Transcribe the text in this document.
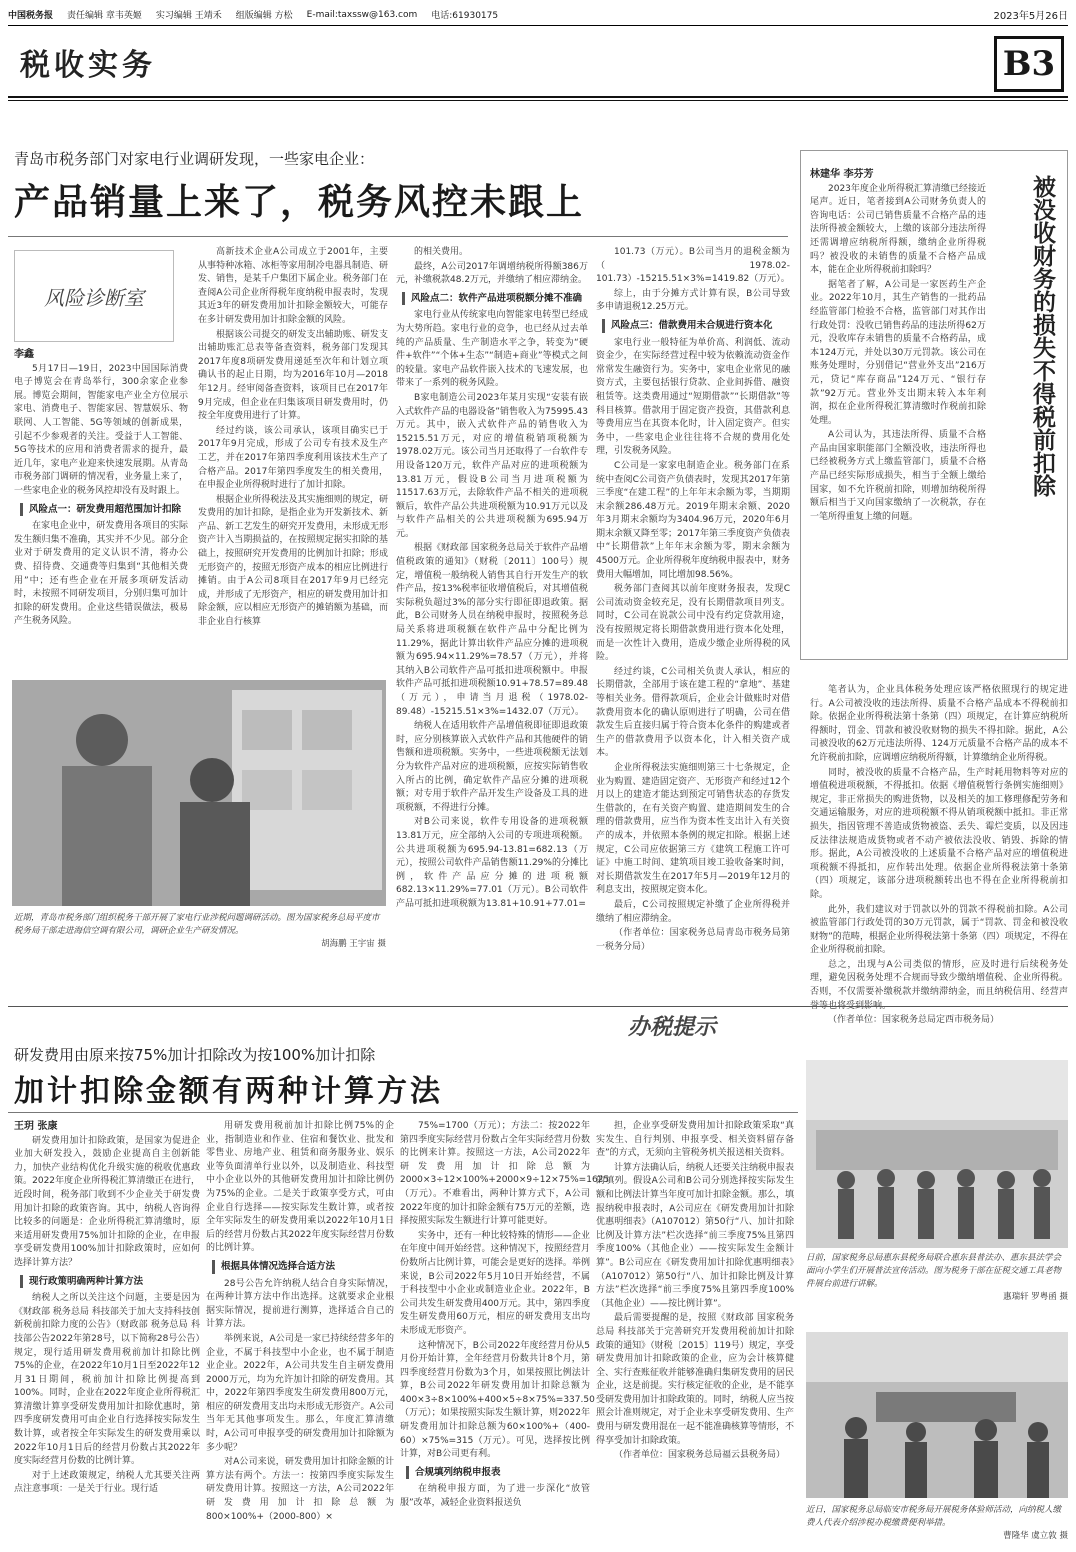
中国税务报 责任编辑 章韦英姬 实习编辑 王靖禾 组版编辑 方松 E-mail:taxssw@163.com 电话:61930175	2023年5月26日
税收实务	B3
青岛市税务部门对家电行业调研发现，一些家电企业：
产品销量上来了，税务风控未跟上
风险诊断室

李鑫

5月17日—19日，2023中国国际消费电子博览会在青岛举行，300余家企业参展。博览会期间，智能家电产业全方位展示家电、消费电子、智能家居、智慧娱乐、物联网、人工智能、5G等领域的创新成果，引起不少参观者的关注。受益于人工智能、5G等技术的应用和消费者需求的提升，最近几年，家电产业迎来快速发展期。从青岛市税务部门调研的情况看，业务量上来了，一些家电企业的税务风控却没有及时跟上。

风险点一：研发费用超范围加计扣除

在家电企业中，研发费用各项目的实际发生额归集不准确，其实并不少见。部分企业对于研发费用的定义认识不清，将办公费、招待费、交通费等归集到“其他相关费用”中；还有些企业在开展多项研发活动时，未按照不同研发项目，分别归集可加计扣除的研发费用。企业这些错误做法，极易产生税务风险。

高新技术企业A公司成立于2001年，主要从事特种冰箱、冰柜等家用制冷电器具制造、研发、销售，是某千户集团下属企业。税务部门在查阅A公司企业所得税年度纳税申报表时，发现其近3年的研发费用加计扣除金额较大，可能存在多计研发费用加计扣除金额的风险。

根据该公司提交的研发支出辅助账、研发支出辅助账汇总表等备查资料，税务部门发现其2017年度8项研发费用递延至次年和计划立项确认书的起止日期，均为2016年10月—2018年12月。经审阅备查资料，该项目已在2017年9月完成，但企业在归集该项目研发费用时，仍按全年度费用进行了计算。

经过约谈，该公司承认，该项目确实已于2017年9月完成，形成了公司专有技术及生产工艺，并在2017年第四季度利用该技术生产了合格产品。2017年第四季度发生的相关费用，在申报企业所得税时进行了加计扣除。

根据企业所得税法及其实施细则的规定，研发费用的加计扣除，是指企业为开发新技术、新产品、新工艺发生的研究开发费用，未形成无形资产计入当期损益的，在按照规定据实扣除的基础上，按照研究开发费用的比例加计扣除；形成无形资产的，按照无形资产成本的相应比例进行摊销。由于A公司8项目在2017年9月已经完成，并形成了无形资产，相应的研发费用加计扣除金额，应以相应无形资产的摊销额为基础，而非企业自行核算

的相关费用。

最终，A公司2017年调增纳税所得额386万元，补缴税款48.2万元，并缴纳了相应滞纳金。

风险点二：软件产品进项税额分摊不准确

家电行业从传统家电向智能家电转型已经成为大势所趋。家电行业的竞争，也已经从过去单纯的产品质量、生产制造水平之争，转变为“硬件+软件”“个体+生态”“制造+商业”等模式之间的较量。家电产品软件嵌入技术的飞速发展，也带来了一系列的税务风险。

B家电制造公司2023年某月实现“安装有嵌入式软件产品的电器设备”销售收入为75995.43万元。其中，嵌入式软件产品的销售收入为15215.51万元，对应的增值税销项税额为1978.02万元。该公司当月还取得了一台软件专用设备120万元，软件产品对应的进项税额为13.81万元，假设B公司当月进项税额为11517.63万元，去除软件产品不相关的进项税额后，软件产品公共进项税额为10.91万元以及与软件产品相关的公共进项税额为695.94万元。

根据《财政部 国家税务总局关于软件产品增值税政策的通知》（财税〔2011〕100号）规定，增值税一般纳税人销售其自行开发生产的软件产品，按13%税率征收增值税后，对其增值税实际税负超过3%的部分实行即征即退政策。据此，B公司财务人员在纳税申报时，按照税务总局关系将进项税额在软件产品中分配比例为11.29%，据此计算出软件产品应分摊的进项税额为695.94×11.29%=78.57（万元），并将其纳入B公司软件产品可抵扣进项税额中。申报软件产品可抵扣进项税额10.91+78.57=89.48（万元），申请当月退税（1978.02-89.48）-15215.51×3%=1432.07（万元）。

纳税人在适用软件产品增值税即征即退政策时，应分别核算嵌入式软件产品和其他硬件的销售额和进项税额。实务中，一些进项税额无法划分为软件产品对应的进项税额，应按实际销售收入所占的比例，确定软件产品应分摊的进项税额；对专用于软件产品开发生产设备及工具的进项税额，不得进行分摊。

对B公司来说，软件专用设备的进项税额13.81万元，应全部纳入公司的专项进项税额。公共进项税额为695.94-13.81=682.13（万元），按照公司软件产品销售额11.29%的分摊比例，软件产品应分摊的进项税额682.13×11.29%=77.01（万元）。B公司软件产品可抵扣进项税额为13.81+10.91+77.01=

101.73（万元）。B公司当月的退税金额为（1978.02-101.73）-15215.51×3%=1419.82（万元）。

综上，由于分摊方式计算有误，B公司导致多申请退税12.25万元。

风险点三：借款费用未合规进行资本化

家电行业一般特征为单价高、利润低、流动资金少，在实际经营过程中较为依赖流动资金作常常发生融资行为。实务中，家电企业常见的融资方式，主要包括银行贷款、企业间拆借、融资租赁等。这类费用通过“短期借款”“长期借款”等科目核算。借款用于固定资产投资，其借款利息等费用应当在其资本化时，计入固定资产。但实务中，一些家电企业往往将不合规的费用化处理，引发税务风险。

C公司是一家家电制造企业。税务部门在系统中查阅C公司资产负债表时，发现其2017年第三季度“在建工程”的上年年末余额为零，当期期末余额286.48万元。2019年期末余额、2020年3月期末余额均为3404.96万元，2020年6月期末余额又降至零；2017年第三季度资产负债表中“长期借款”上年年末余额为零，期末余额为4500万元。企业所得税年度纳税申报表中，财务费用大幅增加，同比增加98.56%。

税务部门查阅其以前年度财务报表，发现C公司流动资金较充足，没有长期借款项目列支。同时，C公司在说款公司中没有约定贷款用途，没有按照规定将长期借款费用进行资本化处理，而是一次性计入费用，造成少缴企业所得税的风险。

经过约谈，C公司相关负责人承认，相应的长期借款，全部用于该在建工程的“拿地”、基建等相关业务。借得款项后，企业会计做账时对借款费用资本化的确认原则进行了明确，公司在借款发生后直接归属于符合资本化条件的购建或者生产的借款费用予以资本化，计入相关资产成本。

企业所得税法实施细则第三十七条规定，企业为购置、建造固定资产、无形资产和经过12个月以上的建造才能达到预定可销售状态的存货发生借款的，在有关资产购置、建造期间发生的合理的借款费用，应当作为资本性支出计入有关资产的成本，并依照本条例的规定扣除。根据上述规定，C公司应依据第三方《建筑工程施工许可证》中施工时间、建筑项目竣工验收备案时间，对长期借款发生在2017年5月—2019年12月的利息支出，按照规定资本化。

最后，C公司按照规定补缴了企业所得税并缴纳了相应滞纳金。

（作者单位：国家税务总局青岛市税务局第一税务分局）

近期，青岛市税务部门组织税务干部开展了家电行业涉税问题调研活动。图为国家税务总局平度市税务局干部走进海信空调有限公司，调研企业生产研发情况。
胡海鹏 王宇宙 摄
被没收财务的损失不得税前扣除

林建华 李芬芳

2023年度企业所得税汇算清缴已经接近尾声。近日，笔者接到A公司财务负责人的咨询电话：公司已销售质量不合格产品的违法所得被金额较大，上缴的该部分违法所得还需调增应纳税所得额，缴纳企业所得税吗？被没收的未销售的质量不合格产品成本，能在企业所得税前扣除吗？

据笔者了解，A公司是一家医药生产企业。2022年10月，其生产销售的一批药品经监管部门检验不合格，监管部门对其作出行政处罚：没收已销售药品的违法所得62万元，没收库存未销售的质量不合格药品，成本124万元，并处以30万元罚款。该公司在账务处理时，分别借记“营业外支出”216万元，贷记“库存商品”124万元、“银行存款”92万元。营业外支出期末转入本年利润，拟在企业所得税汇算清缴时作税前扣除处理。

A公司认为，其违法所得、质量不合格产品由国家职能部门全额没收，违法所得也已经被税务方式上缴监管部门，质量不合格产品已经实际形成损失，相当于全额上缴给国家，如不允许税前扣除，则增加纳税所得额后相当于又向国家缴纳了一次税款，存在一笔所得重复上缴的问题。

笔者认为，企业具体税务处理应该严格依照现行的规定进行。A公司被没收的违法所得、质量不合格产品成本不得税前扣除。依据企业所得税法第十条第（四）项规定，在计算应纳税所得额时，罚金、罚款和被没收财物的损失不得扣除。据此，A公司被没收的62万元违法所得、124万元质量不合格产品的成本不允许税前扣除，应调增应纳税所得额，计算缴纳企业所得税。

同时，被没收的质量不合格产品，生产时耗用物料等对应的增值税进项税额，不得抵扣。依据《增值税暂行条例实施细则》规定，非正常损失的购进货物，以及相关的加工修理修配劳务和交通运输服务，对应的进项税额不得从销项税额中抵扣。非正常损失，指因管理不善造成货物被盗、丢失、霉烂变质，以及因违反法律法规造成货物或者不动产被依法没收、销毁、拆除的情形。据此，A公司被没收的上述质量不合格产品对应的增值税进项税额不得抵扣，应作转出处理。依据企业所得税法第十条第（四）项规定，该部分进项税额转出也不得在企业所得税前扣除。

此外，我们建议对于罚款以外的罚款不得税前扣除。A公司被监管部门行政处罚的30万元罚款，属于“罚款、罚金和被没收财物”的范畴，根据企业所得税法第十条第（四）项规定，不得在企业所得税前扣除。

总之，出现与A公司类似的情形，应及时进行后续税务处理，避免因税务处理不合规而导致少缴纳增值税、企业所得税。否则，不仅需要补缴税款并缴纳滞纳金，而且纳税信用、经营声誉等也将受到影响。

（作者单位：国家税务总局定西市税务局）

办税提示
研发费用由原来按75%加计扣除改为按100%加计扣除
加计扣除金额有两种计算方法

王玥 张康

研发费用加计扣除政策，是国家为促进企业加大研发投入，鼓励企业提高自主创新能力，加快产业结构优化升级实施的税收优惠政策。2022年度企业所得税汇算清缴正在进行，近段时间，税务部门收到不少企业关于研发费用加计扣除的政策咨询。其中，纳税人咨询得比较多的问题是：企业所得税汇算清缴时，原来适用研发费用75%加计扣除的企业，在申报享受研发费用100%加计扣除政策时，应如何选择计算方法？

现行政策明确两种计算方法

纳税人之所以关注这个问题，主要是因为《财政部 税务总局 科技部关于加大支持科技创新税前扣除力度的公告》（财政部 税务总局 科技部公告2022年第28号，以下简称28号公告）规定，现行适用研发费用税前加计扣除比例75%的企业，在2022年10月1日至2022年12月31日期间，税前加计扣除比例提高到100%。同时，企业在2022年度企业所得税汇算清缴计算享受研发费用加计扣除优惠时，第四季度研发费用可由企业自行选择按实际发生数计算，或者按全年实际发生的研发费用乘以2022年10月1日后的经营月份数占其2022年度实际经营月份数的比例计算。

对于上述政策规定，纳税人尤其要关注两点注意事项：一是关于行业。现行适

用研发费用税前加计扣除比例75%的企业，指制造业和作业、住宿和餐饮业、批发和零售业、房地产业、租赁和商务服务业、娱乐业等负面清单行业以外，以及制造业、科技型中小企业以外的其他研发费用加计扣除比例仍为75%的企业。二是关于政策享受方式，可由企业自行选择——按实际发生数计算，或者按全年实际发生的研发费用乘以2022年10月1日后的经营月份数占其2022年度实际经营月份数的比例计算。

根据具体情况选择合适方法

28号公告允许纳税人结合自身实际情况，在两种计算方法中作出选择。这就要求企业根据实际情况，提前进行测算，选择适合自己的计算方法。

举例来说，A公司是一家已持续经营多年的企业，不属于科技型中小企业，也不属于制造业企业。2022年，A公司共发生自主研发费用2000万元，均为允许加计扣除的研发费用。其中，2022年第四季度发生研发费用800万元，相应的研发费用支出均未形成无形资产。A公司当年无其他事项发生。那么，年度汇算清缴时，A公司可申报享受的研发费用加计扣除额为多少呢？

对A公司来说，研发费用加计扣除金额的计算方法有两个。方法一：按第四季度实际发生研发费用计算。按照这一方法，A公司2022年研发费用加计扣除总额为800×100%+（2000-800）×

75%=1700（万元）；方法二：按2022年第四季度实际经营月份数占全年实际经营月份数的比例来计算。按照这一方法，A公司2022年研发费用加计扣除总额为2000×3÷12×100%+2000×9÷12×75%=1625（万元）。不难看出，两种计算方式下，A公司2022年度的加计扣除金额有75万元的差额，选择按照实际发生额进行计算可能更好。

实务中，还有一种比较特殊的情形——企业在年度中间开始经营。这种情况下，按照经营月份数所占比例计算，可能会是更好的选择。举例来说，B公司2022年5月10日开始经营，不属于科技型中小企业或制造业企业。2022年，B公司共发生研发费用400万元。其中，第四季度发生研发费用60万元，相应的研发费用支出均未形成无形资产。

这种情况下，B公司2022年度经营月份从5月份开始计算，全年经营月份数共计8个月，第四季度经营月份数为3个月，如果按照比例法计算，B公司2022年研发费用加计扣除总额为400×3÷8×100%+400×5÷8×75%=337.50（万元）；如果按照实际发生额计算，则2022年研发费用加计扣除总额为60×100%+（400-60）×75%=315（万元）。可见，选择按比例计算，对B公司更有利。

合规填列纳税申报表

在纳税申报方面，为了进一步深化“放管服”改革，减轻企业资料报送负

担，企业享受研发费用加计扣除政策采取“真实发生、自行判别、申报享受、相关资料留存备查”的方式，无须向主管税务机关报送相关资料。

计算方法确认后，纳税人还要关注纳税申报表的填列。假设A公司和B公司分别选择按实际发生额和比例法计算当年度可加计扣除金额。那么，填报纳税申报表时，A公司应在《研发费用加计扣除优惠明细表》（A107012）第50行“八、加计扣除比例及计算方法”栏次选择“前三季度75%且第四季度100%（其他企业）——按实际发生金额计算”。B公司应在《研发费用加计扣除优惠明细表》（A107012）第50行“八、加计扣除比例及计算方法”栏次选择“前三季度75%且第四季度100%（其他企业）——按比例计算”。

最后需要提醒的是，按照《财政部 国家税务总局 科技部关于完善研究开发费用税前加计扣除政策的通知》（财税〔2015〕119号）规定，享受研发费用加计扣除政策的企业，应为会计核算健全、实行查账征收并能够准确归集研发费用的居民企业，这是前提。实行核定征收的企业，是不能享受研发费用加计扣除政策的。同时，纳税人应当按照会计准则规定，对于企业未享受研发费用、生产费用与研发费用混在一起不能准确核算等情形，不得享受加计扣除政策。

（作者单位：国家税务总局福云县税务局）

日前，国家税务总局惠东县税务局联合惠东县普法办、惠东县法学会面向小学生们开展普法宣传活动。图为税务干部在征税交通工具老物件展台前进行讲解。
惠瑞轩 罗粤函 摄
近日，国家税务总局临安市税务局开展税务体验师活动，向纳税人缴费人代表介绍涉税办税缴费便利举措。
曹隆华 虞立敦 摄
